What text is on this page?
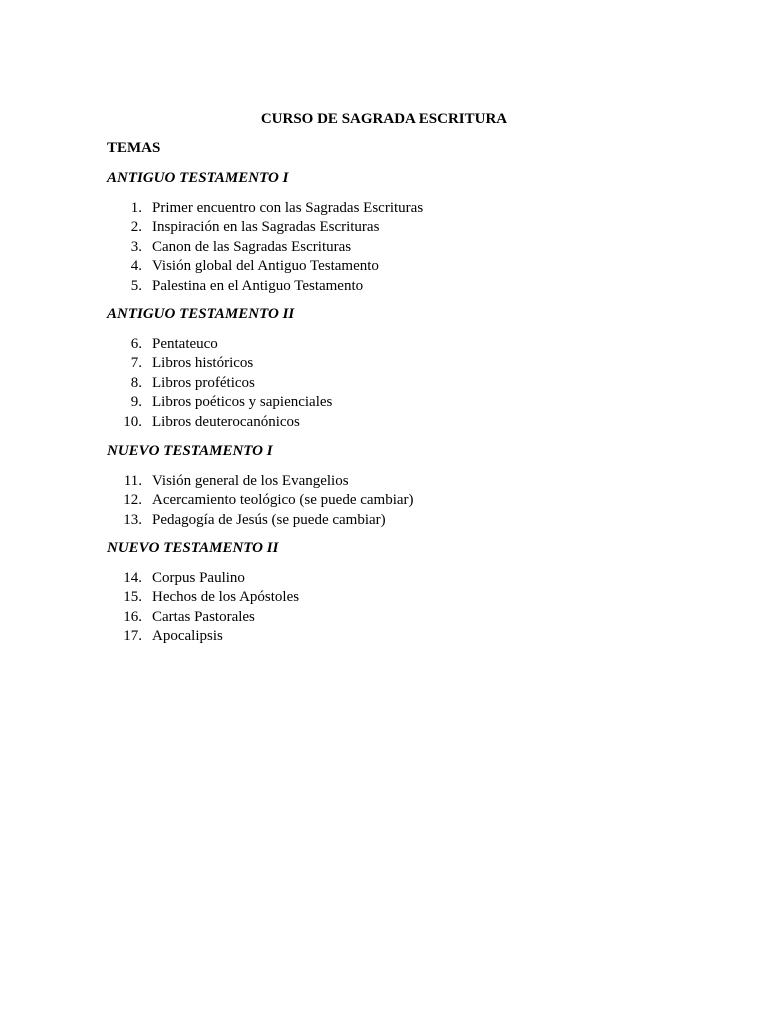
CURSO DE SAGRADA ESCRITURA
TEMAS

ANTIGUO TESTAMENTO I

1. Primer encuentro con las Sagradas Escrituras
2. Inspiración en las Sagradas Escrituras
3. Canon de las Sagradas Escrituras
4. Visión global del Antiguo Testamento
5. Palestina en el Antiguo Testamento

ANTIGUO TESTAMENTO II

6. Pentateuco
7. Libros históricos
8. Libros proféticos
9. Libros poéticos y sapienciales
10. Libros deuterocanónicos

NUEVO TESTAMENTO I

11. Visión general de los Evangelios
12. Acercamiento teológico (se puede cambiar)
13. Pedagogía de Jesús (se puede cambiar)

NUEVO TESTAMENTO II

14. Corpus Paulino
15. Hechos de los Apóstoles
16. Cartas Pastorales
17. Apocalipsis
